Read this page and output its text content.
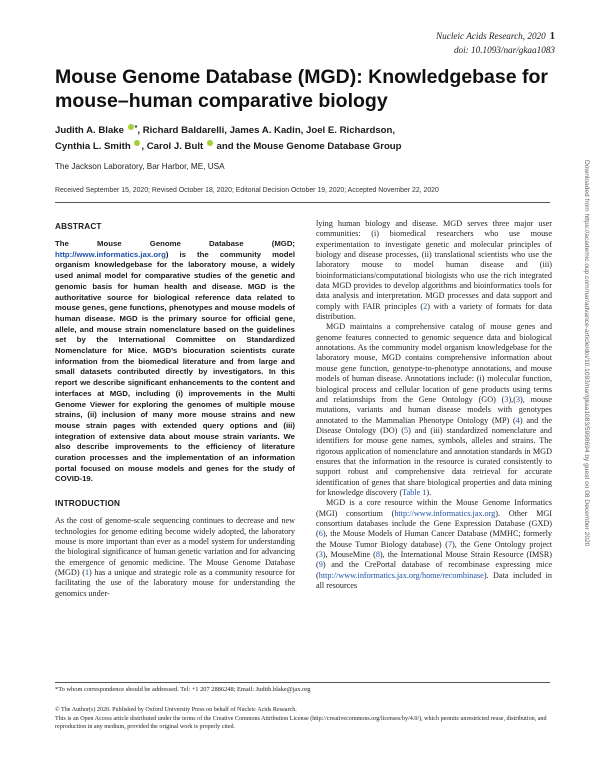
Nucleic Acids Research, 2020 1
doi: 10.1093/nar/gkaa1083
Mouse Genome Database (MGD): Knowledgebase for mouse–human comparative biology
Judith A. Blake *, Richard Baldarelli, James A. Kadin, Joel E. Richardson,
Cynthia L. Smith , Carol J. Bult  and the Mouse Genome Database Group
The Jackson Laboratory, Bar Harbor, ME, USA
Received September 15, 2020; Revised October 18, 2020; Editorial Decision October 19, 2020; Accepted November 22, 2020
ABSTRACT

The Mouse Genome Database (MGD; http://www.informatics.jax.org) is the community model organism knowledgebase for the laboratory mouse, a widely used animal model for comparative studies of the genetic and genomic basis for human health and disease. MGD is the authoritative source for biological reference data related to mouse genes, gene functions, phenotypes and mouse models of human disease. MGD is the primary source for official gene, allele, and mouse strain nomenclature based on the guidelines set by the International Committee on Standardized Nomenclature for Mice. MGD’s biocuration scientists curate information from the biomedical literature and from large and small datasets contributed directly by investigators. In this report we describe significant enhancements to the content and interfaces at MGD, including (i) improvements in the Multi Genome Viewer for exploring the genomes of multiple mouse strains, (ii) inclusion of many more mouse strains and new mouse strain pages with extended query options and (iii) integration of extensive data about mouse strain variants. We also describe improvements to the efficiency of literature curation processes and the implementation of an information portal focused on mouse models and genes for the study of COVID-19.

INTRODUCTION

As the cost of genome-scale sequencing continues to decrease and new technologies for genome editing become widely adopted, the laboratory mouse is more important than ever as a model system for understanding the biological significance of human genetic variation and for advancing the emergence of genomic medicine. The Mouse Genome Database (MGD) (1) has a unique and strategic role as a community resource for facilitating the use of the laboratory mouse for understanding the genomics under-

lying human biology and disease. MGD serves three major user communities: (i) biomedical researchers who use mouse experimentation to investigate genetic and molecular principles of biology and disease processes, (ii) translational scientists who use the laboratory mouse to model human disease and (iii) bioinformaticians/computational biologists who use the rich integrated data MGD provides to develop algorithms and bioinformatics tools for data analysis and interpretation. MGD processes and data support and comply with FAIR principles (2) with a variety of formats for data distribution.

MGD maintains a comprehensive catalog of mouse genes and genome features connected to genomic sequence data and biological annotations. As the community model organism knowledgebase for the laboratory mouse, MGD contains comprehensive information about mouse gene function, genotype-to-phenotype annotations, and mouse models of human disease. Annotations include: (i) molecular function, biological process and cellular location of gene products using terms and relationships from the Gene Ontology (GO) (3),(3), mouse mutations, variants and human disease models with genotypes annotated to the Mammalian Phenotype Ontology (MP) (4) and the Disease Ontology (DO) (5) and (iii) standardized nomenclature and identifiers for mouse gene names, symbols, alleles and strains. The rigorous application of nomenclature and annotation standards in MGD ensures that the information in the resource is curated consistently to support robust and comprehensive data retrieval for accurate identification of genes that share biological properties and data mining for knowledge discovery (Table 1).

MGD is a core resource within the Mouse Genome Informatics (MGI) consortium (http://www.informatics.jax.org). Other MGI consortium databases include the Gene Expression Database (GXD) (6), the Mouse Models of Human Cancer Database (MMHC; formerly the Mouse Tumor Biology database) (7), the Gene Ontology project (3), MouseMine (8), the International Mouse Strain Resource (IMSR) (9) and the CrePortal database of recombinase expressing mice (http://www.informatics.jax.org/home/recombinase). Data included in all resources

*To whom correspondence should be addressed. Tel: +1 207 2886248; Email: Judith.blake@jax.org

© The Author(s) 2020. Published by Oxford University Press on behalf of Nucleic Acids Research.

This is an Open Access article distributed under the terms of the Creative Commons Attribution License (http://creativecommons.org/licenses/by/4.0/), which permits unrestricted reuse, distribution, and reproduction in any medium, provided the original work is properly cited.

Downloaded from https://academic.oup.com/nar/advance-article/doi/10.1093/nar/gkaa1083/5998694 by guest on 08 December 2020
